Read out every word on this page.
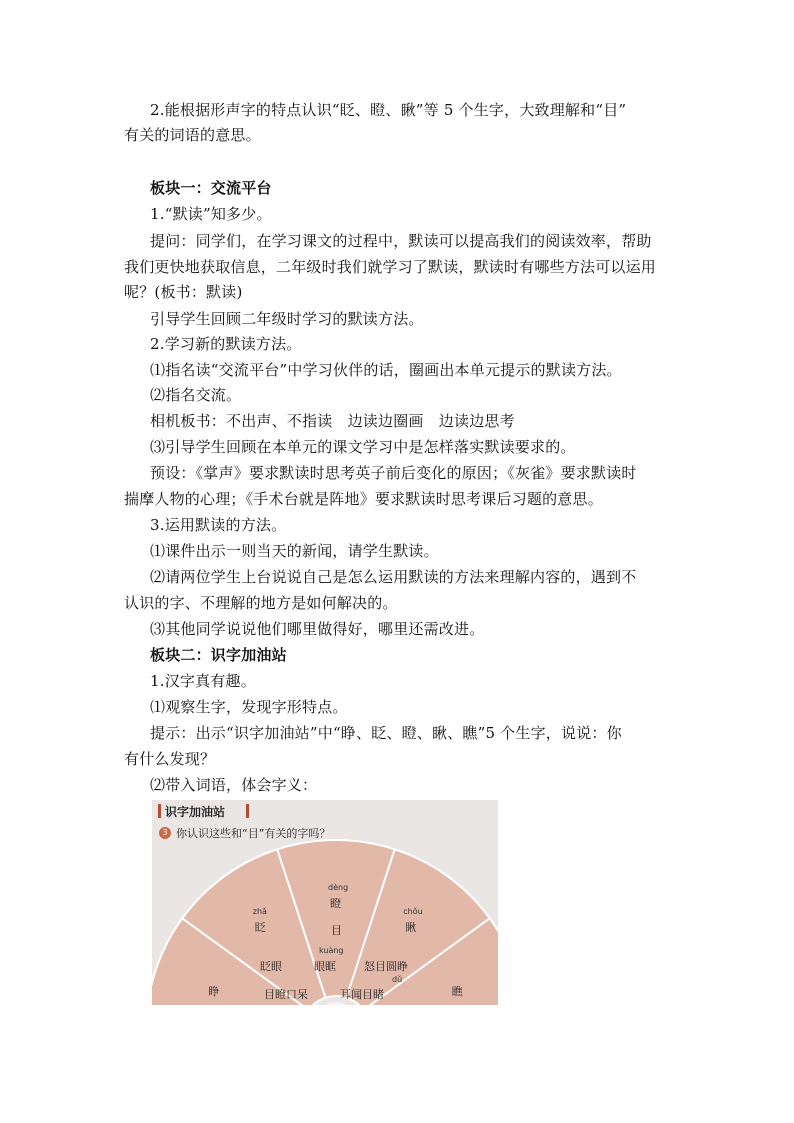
2.能根据形声字的特点认识“眨、瞪、瞅”等 5 个生字，大致理解和“目”
有关的词语的意思。
板块一：交流平台
1.“默读”知多少。
提问：同学们，在学习课文的过程中，默读可以提高我们的阅读效率，帮助
我们更快地获取信息，二年级时我们就学习了默读，默读时有哪些方法可以运用
呢？(板书：默读)
引导学生回顾二年级时学习的默读方法。
2.学习新的默读方法。
⑴指名读“交流平台”中学习伙伴的话，圈画出本单元提示的默读方法。
⑵指名交流。
相机板书：不出声、不指读　边读边圈画　边读边思考
⑶引导学生回顾在本单元的课文学习中是怎样落实默读要求的。
预设：《掌声》要求默读时思考英子前后变化的原因；《灰雀》要求默读时
揣摩人物的心理；《手术台就是阵地》要求默读时思考课后习题的意思。
3.运用默读的方法。
⑴课件出示一则当天的新闻，请学生默读。
⑵请两位学生上台说说自己是怎么运用默读的方法来理解内容的，遇到不
认识的字、不理解的地方是如何解决的。
⑶其他同学说说他们哪里做得好，哪里还需改进。
板块二：识字加油站
1.汉字真有趣。
⑴观察生字，发现字形特点。
提示：出示“识字加油站”中“睁、眨、瞪、瞅、瞧”5 个生字，说说：你
有什么发现？
⑵带入词语，体会字义：
识字加油站
3 你认识这些和“目”有关的字吗？
睁
眨
zhǎ
瞪
dèng
瞅
chǒu
瞧
目
kuàng
眨眼	眼眶	怒目圆睁
dǔ
目瞪口呆	耳闻目睹
